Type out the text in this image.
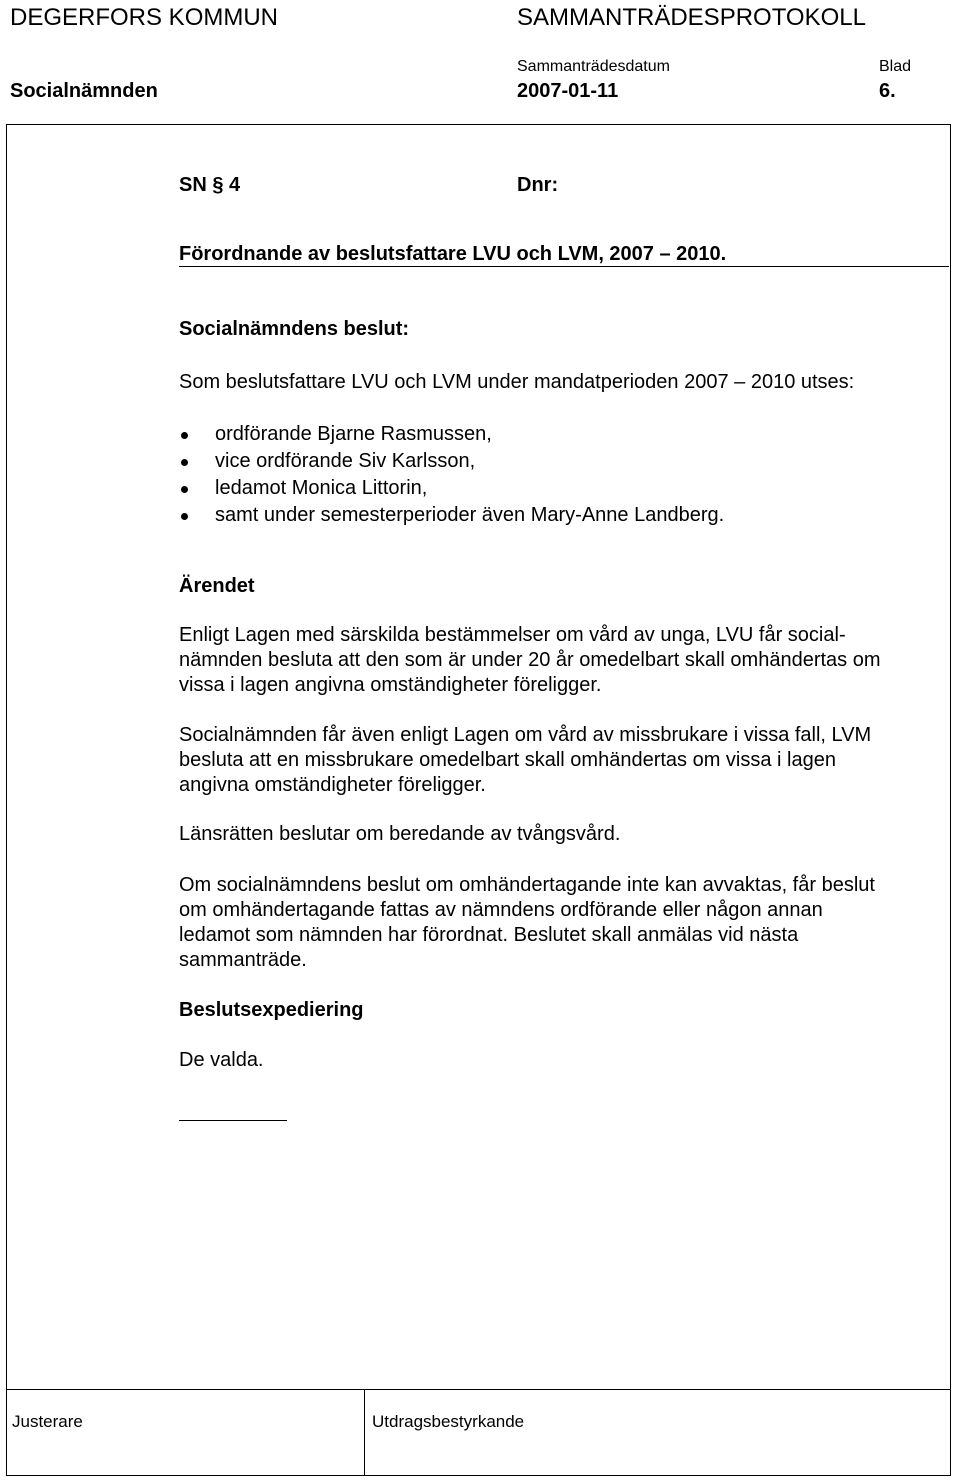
DEGERFORS KOMMUN	SAMMANTRÄDESPROTOKOLL
Sammanträdesdatum	Blad
Socialnämnden	2007-01-11	6.
SN § 4	Dnr:
Förordnande av beslutsfattare LVU och LVM, 2007 – 2010.
Socialnämndens beslut:
Som beslutsfattare LVU och LVM under mandatperioden 2007 – 2010 utses:
ordförande Bjarne Rasmussen,
vice ordförande Siv Karlsson,
ledamot Monica Littorin,
samt under semesterperioder även Mary-Anne Landberg.
Ärendet
Enligt Lagen med särskilda bestämmelser om vård av unga, LVU får social-
nämnden besluta att den som är under 20 år omedelbart skall omhändertas om
vissa i lagen angivna omständigheter föreligger.
Socialnämnden får även enligt Lagen om vård av missbrukare i vissa fall, LVM
besluta att en missbrukare omedelbart skall omhändertas om vissa i lagen
angivna omständigheter föreligger.
Länsrätten beslutar om beredande av tvångsvård.
Om socialnämndens beslut om omhändertagande inte kan avvaktas, får beslut
om omhändertagande fattas av nämndens ordförande eller någon annan
ledamot som nämnden har förordnat. Beslutet skall anmälas vid nästa
sammanträde.
Beslutsexpediering
De valda.
Justerare	Utdragsbestyrkande
